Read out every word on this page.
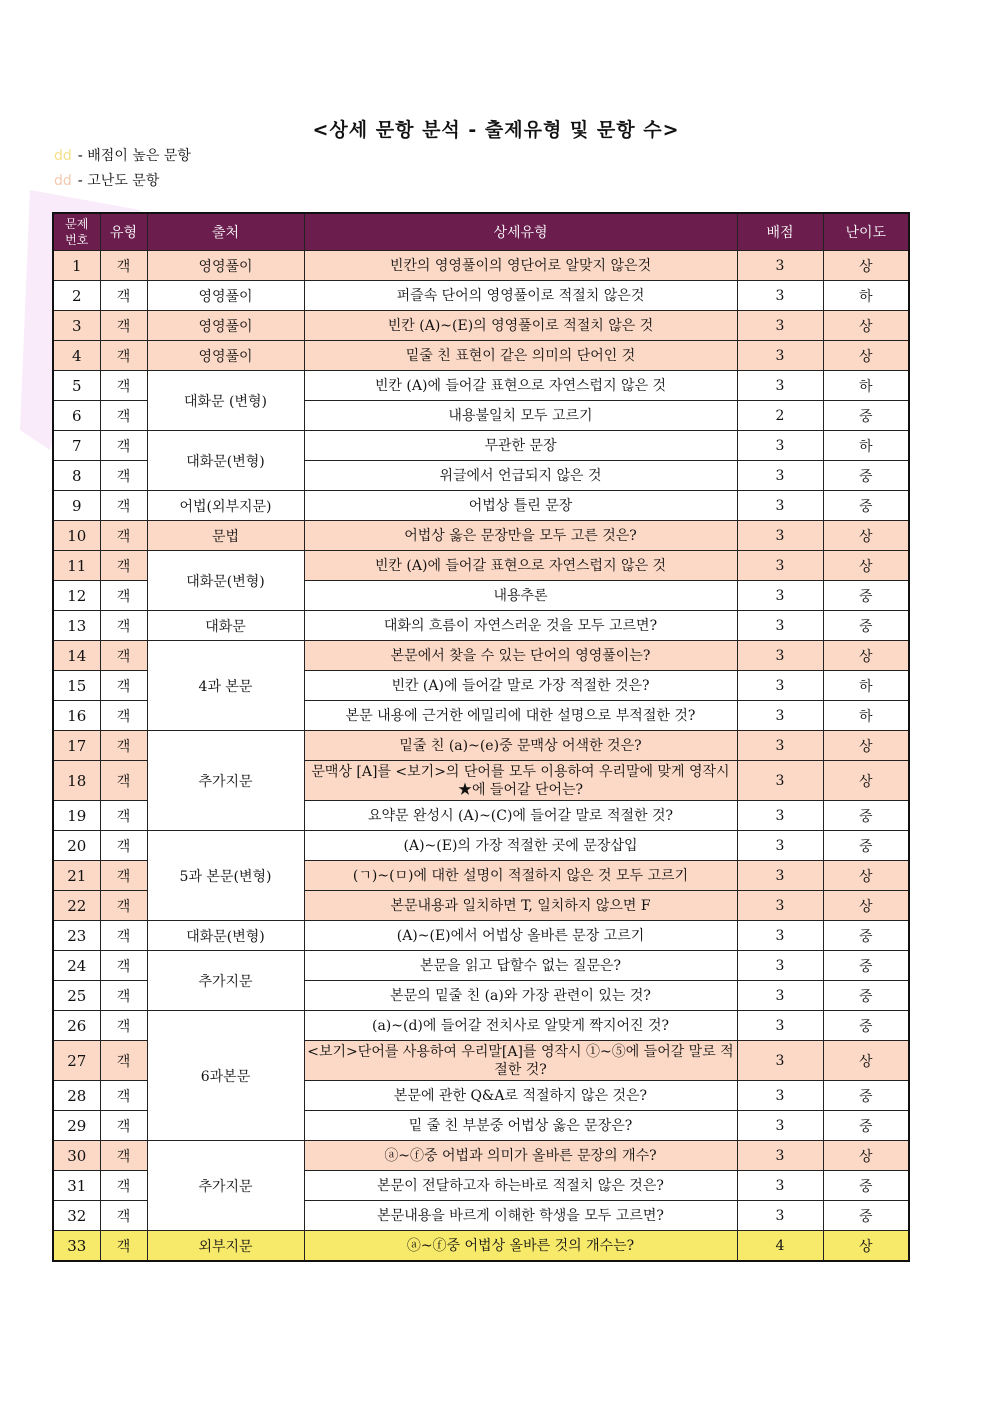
<상세 문항 분석 - 출제유형 및 문항 수>
dd - 배점이 높은 문항
dd - 고난도 문항
문제
번호	유형	출처	상세유형	배점	난이도
1	객	영영풀이	빈칸의 영영풀이의 영단어로 알맞지 않은것	3	상
2	객	영영풀이	퍼즐속 단어의 영영풀이로 적절치 않은것	3	하
3	객	영영풀이	빈칸 (A)~(E)의 영영풀이로 적절치 않은 것	3	상
4	객	영영풀이	밑줄 친 표현이 같은 의미의 단어인 것	3	상
5	객	대화문 (변형)	빈칸 (A)에 들어갈 표현으로 자연스럽지 않은 것	3	하
6	객		내용불일치 모두 고르기	2	중
7	객	대화문(변형)	무관한 문장	3	하
8	객		위글에서 언급되지 않은 것	3	중
9	객	어법(외부지문)	어법상 틀린 문장	3	중
10	객	문법	어법상 옳은 문장만을 모두 고른 것은?	3	상
11	객	대화문(변형)	빈칸 (A)에 들어갈 표현으로 자연스럽지 않은 것	3	상
12	객		내용추론	3	중
13	객	대화문	대화의 흐름이 자연스러운 것을 모두 고르면?	3	중
14	객	4과 본문	본문에서 찾을 수 있는 단어의 영영풀이는?	3	상
15	객		빈칸 (A)에 들어갈 말로 가장 적절한 것은?	3	하
16	객		본문 내용에 근거한 에밀리에 대한 설명으로 부적절한 것?	3	하
17	객	추가지문	밑줄 친 (a)~(e)중 문맥상 어색한 것은?	3	상
18	객		문맥상 [A]를 <보기>의 단어를 모두 이용하여 우리말에 맞게 영작시 ★에 들어갈 단어는?	3	상
19	객		요약문 완성시 (A)~(C)에 들어갈 말로 적절한 것?	3	중
20	객	5과 본문(변형)	(A)~(E)의 가장 적절한 곳에 문장삽입	3	중
21	객		(ㄱ)~(ㅁ)에 대한 설명이 적절하지 않은 것 모두 고르기	3	상
22	객		본문내용과 일치하면 T, 일치하지 않으면 F	3	상
23	객	대화문(변형)	(A)~(E)에서 어법상 올바른 문장 고르기	3	중
24	객	추가지문	본문을 읽고 답할수 없는 질문은?	3	중
25	객		본문의 밑줄 친 (a)와 가장 관련이 있는 것?	3	중
26	객	6과본문	(a)~(d)에 들어갈 전치사로 알맞게 짝지어진 것?	3	중
27	객		<보기>단어를 사용하여 우리말[A]를 영작시 ①~⑤에 들어갈 말로 적절한 것?	3	상
28	객		본문에 관한 Q&A로 적절하지 않은 것은?	3	중
29	객		밑 줄 친 부분중 어법상 옳은 문장은?	3	중
30	객	추가지문	ⓐ~ⓕ중 어법과 의미가 올바른 문장의 개수?	3	상
31	객		본문이 전달하고자 하는바로 적절치 않은 것은?	3	중
32	객		본문내용을 바르게 이해한 학생을 모두 고르면?	3	중
33	객	외부지문	ⓐ~ⓕ중 어법상 올바른 것의 개수는?	4	상
